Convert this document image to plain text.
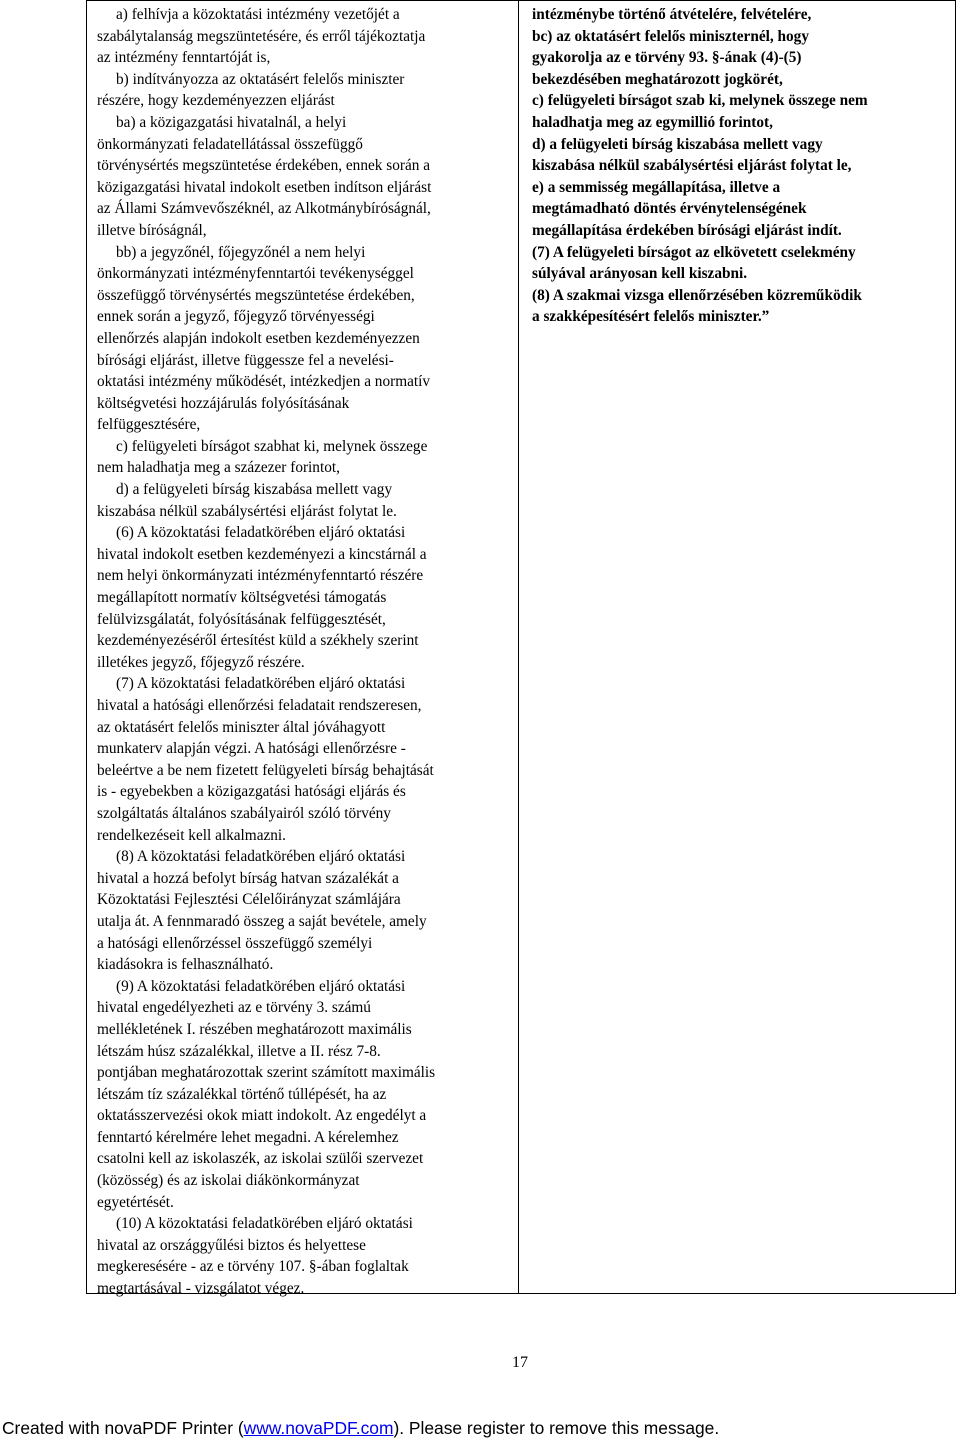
a) felhívja a közoktatási intézmény vezetőjét a
szabálytalanság megszüntetésére, és erről tájékoztatja
az intézmény fenntartóját is,
b) indítványozza az oktatásért felelős miniszter
részére, hogy kezdeményezzen eljárást
ba) a közigazgatási hivatalnál, a helyi
önkormányzati feladatellátással összefüggő
törvénysértés megszüntetése érdekében, ennek során a
közigazgatási hivatal indokolt esetben indítson eljárást
az Állami Számvevőszéknél, az Alkotmánybíróságnál,
illetve bíróságnál,
bb) a jegyzőnél, főjegyzőnél a nem helyi
önkormányzati intézményfenntartói tevékenységgel
összefüggő törvénysértés megszüntetése érdekében,
ennek során a jegyző, főjegyző törvényességi
ellenőrzés alapján indokolt esetben kezdeményezzen
bírósági eljárást, illetve függessze fel a nevelési-
oktatási intézmény működését, intézkedjen a normatív
költségvetési hozzájárulás folyósításának
felfüggesztésére,
c) felügyeleti bírságot szabhat ki, melynek összege
nem haladhatja meg a százezer forintot,
d) a felügyeleti bírság kiszabása mellett vagy
kiszabása nélkül szabálysértési eljárást folytat le.
(6) A közoktatási feladatkörében eljáró oktatási
hivatal indokolt esetben kezdeményezi a kincstárnál a
nem helyi önkormányzati intézményfenntartó részére
megállapított normatív költségvetési támogatás
felülvizsgálatát, folyósításának felfüggesztését,
kezdeményezéséről értesítést küld a székhely szerint
illetékes jegyző, főjegyző részére.
(7) A közoktatási feladatkörében eljáró oktatási
hivatal a hatósági ellenőrzési feladatait rendszeresen,
az oktatásért felelős miniszter által jóváhagyott
munkaterv alapján végzi. A hatósági ellenőrzésre -
beleértve a be nem fizetett felügyeleti bírság behajtását
is - egyebekben a közigazgatási hatósági eljárás és
szolgáltatás általános szabályairól szóló törvény
rendelkezéseit kell alkalmazni.
(8) A közoktatási feladatkörében eljáró oktatási
hivatal a hozzá befolyt bírság hatvan százalékát a
Közoktatási Fejlesztési Célelőirányzat számlájára
utalja át. A fennmaradó összeg a saját bevétele, amely
a hatósági ellenőrzéssel összefüggő személyi
kiadásokra is felhasználható.
(9) A közoktatási feladatkörében eljáró oktatási
hivatal engedélyezheti az e törvény 3. számú
mellékletének I. részében meghatározott maximális
létszám húsz százalékkal, illetve a II. rész 7-8.
pontjában meghatározottak szerint számított maximális
létszám tíz százalékkal történő túllépését, ha az
oktatásszervezési okok miatt indokolt. Az engedélyt a
fenntartó kérelmére lehet megadni. A kérelemhez
csatolni kell az iskolaszék, az iskolai szülői szervezet
(közösség) és az iskolai diákönkormányzat
egyetértését.
(10) A közoktatási feladatkörében eljáró oktatási
hivatal az országgyűlési biztos és helyettese
megkeresésére - az e törvény 107. §-ában foglaltak
megtartásával - vizsgálatot végez.
intézménybe történő átvételére, felvételére,
bc) az oktatásért felelős miniszternél, hogy
gyakorolja az e törvény 93. §-ának (4)-(5)
bekezdésében meghatározott jogkörét,
c) felügyeleti bírságot szab ki, melynek összege nem
haladhatja meg az egymillió forintot,
d) a felügyeleti bírság kiszabása mellett vagy
kiszabása nélkül szabálysértési eljárást folytat le,
e) a semmisség megállapítása, illetve a
megtámadható döntés érvénytelenségének
megállapítása érdekében bírósági eljárást indít.
(7) A felügyeleti bírságot az elkövetett cselekmény
súlyával arányosan kell kiszabni.
(8) A szakmai vizsga ellenőrzésében közreműködik
a szakképesítésért felelős miniszter.”
17
Created with novaPDF Printer (www.novaPDF.com). Please register to remove this message.
